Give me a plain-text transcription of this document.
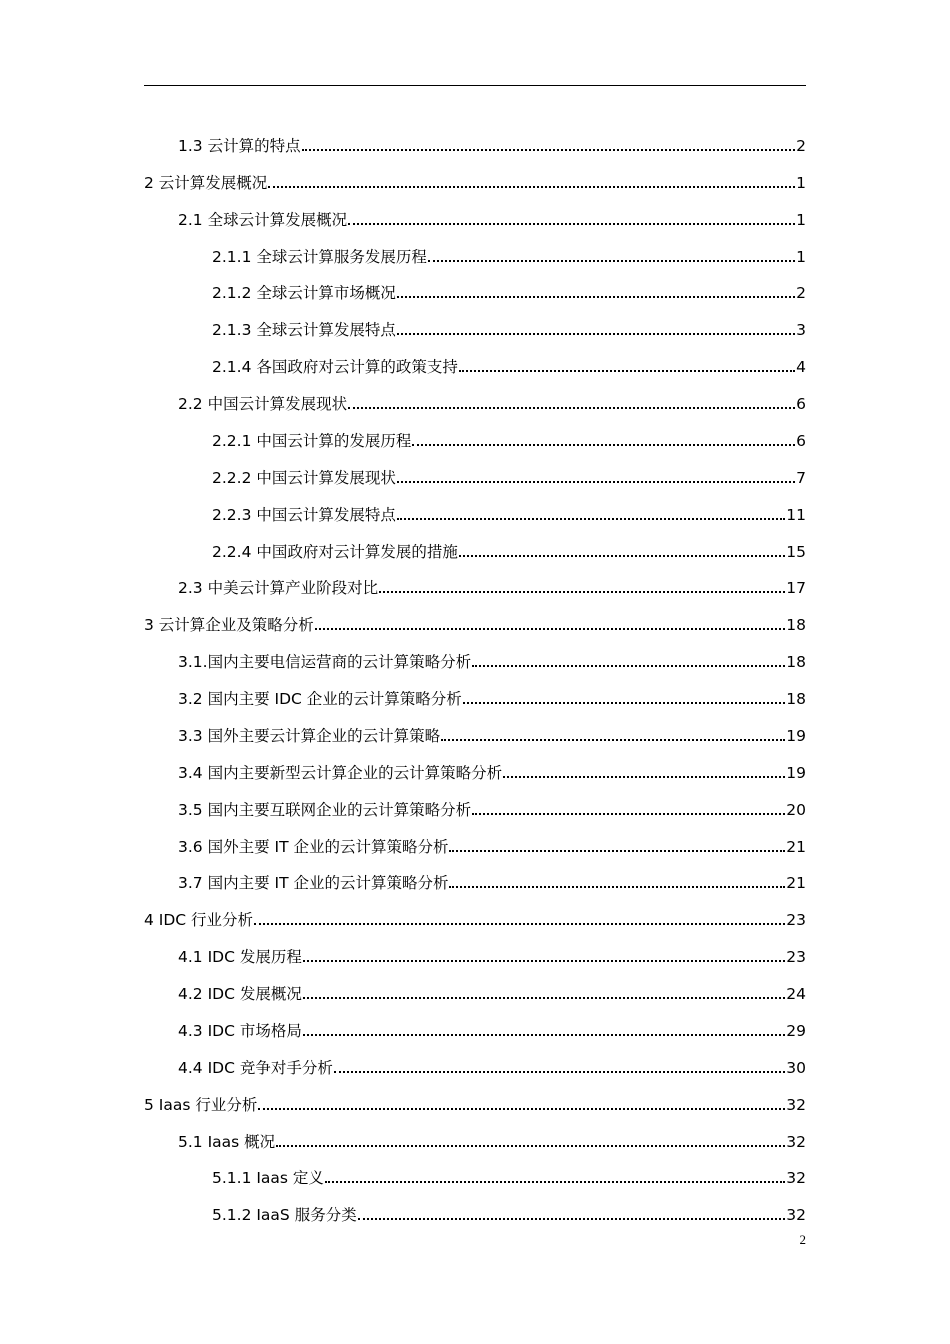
1.3 云计算的特点	2
2 云计算发展概况	1
2.1 全球云计算发展概况	1
2.1.1 全球云计算服务发展历程	1
2.1.2 全球云计算市场概况	2
2.1.3 全球云计算发展特点	3
2.1.4 各国政府对云计算的政策支持	4
2.2 中国云计算发展现状	6
2.2.1 中国云计算的发展历程	6
2.2.2 中国云计算发展现状	7
2.2.3 中国云计算发展特点	11
2.2.4 中国政府对云计算发展的措施	15
2.3 中美云计算产业阶段对比	17
3 云计算企业及策略分析	18
3.1.国内主要电信运营商的云计算策略分析	18
3.2 国内主要 IDC 企业的云计算策略分析	18
3.3 国外主要云计算企业的云计算策略	19
3.4 国内主要新型云计算企业的云计算策略分析	19
3.5 国内主要互联网企业的云计算策略分析	20
3.6 国外主要 IT 企业的云计算策略分析	21
3.7 国内主要 IT 企业的云计算策略分析	21
4 IDC 行业分析	23
4.1 IDC 发展历程	23
4.2 IDC 发展概况	24
4.3 IDC 市场格局	29
4.4 IDC 竞争对手分析	30
5 Iaas 行业分析	32
5.1 Iaas 概况	32
5.1.1 Iaas 定义	32
5.1.2 IaaS 服务分类	32
2
